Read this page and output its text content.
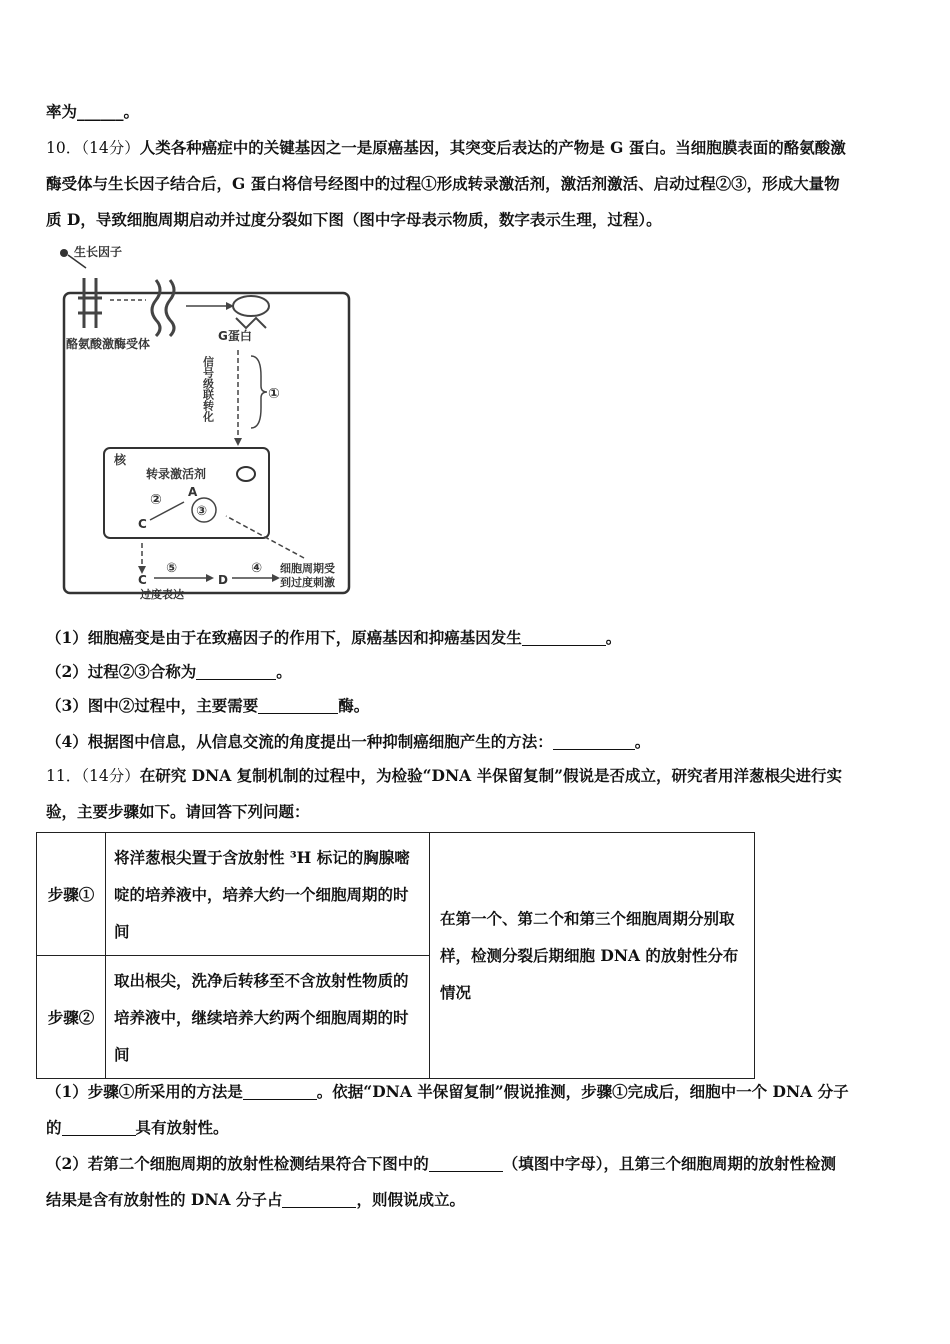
率为______。
10．（14分）人类各种癌症中的关键基因之一是原癌基因，其突变后表达的产物是 G 蛋白。当细胞膜表面的酪氨酸激
酶受体与生长因子结合后，G 蛋白将信号经图中的过程①形成转录激活剂，激活剂激活、启动过程②③，形成大量物
质 D，导致细胞周期启动并过度分裂如下图（图中字母表示物质，数字表示生理，过程）。
生长因子
G蛋白
酪氨酸激酶受体
信号级联转化	①
核
转录激活剂
A
③
②
C
C
⑤
过度表达
D
④ 细胞周期受
到过度刺激
（1）细胞癌变是由于在致癌因子的作用下，原癌基因和抑癌基因发生	。
（2）过程②③合称为	。
（3）图中②过程中，主要需要	酶。
（4）根据图中信息，从信息交流的角度提出一种抑制癌细胞产生的方法：	。
11．（14分）在研究 DNA 复制机制的过程中，为检验“DNA 半保留复制”假说是否成立，研究者用洋葱根尖进行实
验，主要步骤如下。请回答下列问题：
步骤①	将洋葱根尖置于含放射性 ³H 标记的胸腺嘧啶的培养液中，培养大约一个细胞周期的时间	在第一个、第二个和第三个细胞周期分别取样，检测分裂后期细胞 DNA 的放射性分布情况
步骤②	取出根尖，洗净后转移至不含放射性物质的培养液中，继续培养大约两个细胞周期的时间	
（1）步骤①所采用的方法是	。依据“DNA 半保留复制”假说推测，步骤①完成后，细胞中一个 DNA 分子
的	具有放射性。
（2）若第二个细胞周期的放射性检测结果符合下图中的	（填图中字母），且第三个细胞周期的放射性检测
结果是含有放射性的 DNA 分子占	，则假说成立。
